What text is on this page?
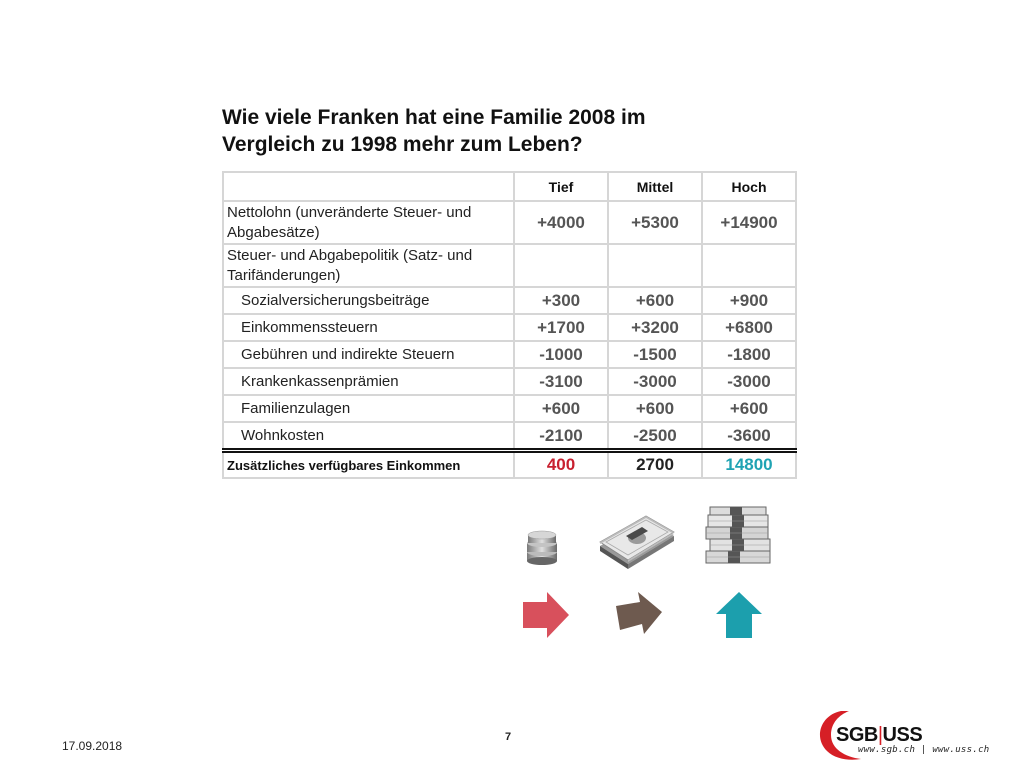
Wie viele Franken hat eine Familie 2008 im
Vergleich zu 1998 mehr zum Leben?
	Tief	Mittel	Hoch
Nettolohn (unveränderte Steuer- und Abgabesätze)	+4000	+5300	+14900
Steuer- und Abgabepolitik (Satz- und Tarifänderungen)			
Sozialversicherungsbeiträge	+300	+600	+900
Einkommenssteuern	+1700	+3200	+6800
Gebühren und indirekte Steuern	-1000	-1500	-1800
Krankenkassenprämien	-3100	-3000	-3000
Familienzulagen	+600	+600	+600
Wohnkosten	-2100	-2500	-3600
Zusätzliches verfügbares Einkommen	400	2700	14800
17.09.2018
7	SGB|USS
www.sgb.ch | www.uss.ch
